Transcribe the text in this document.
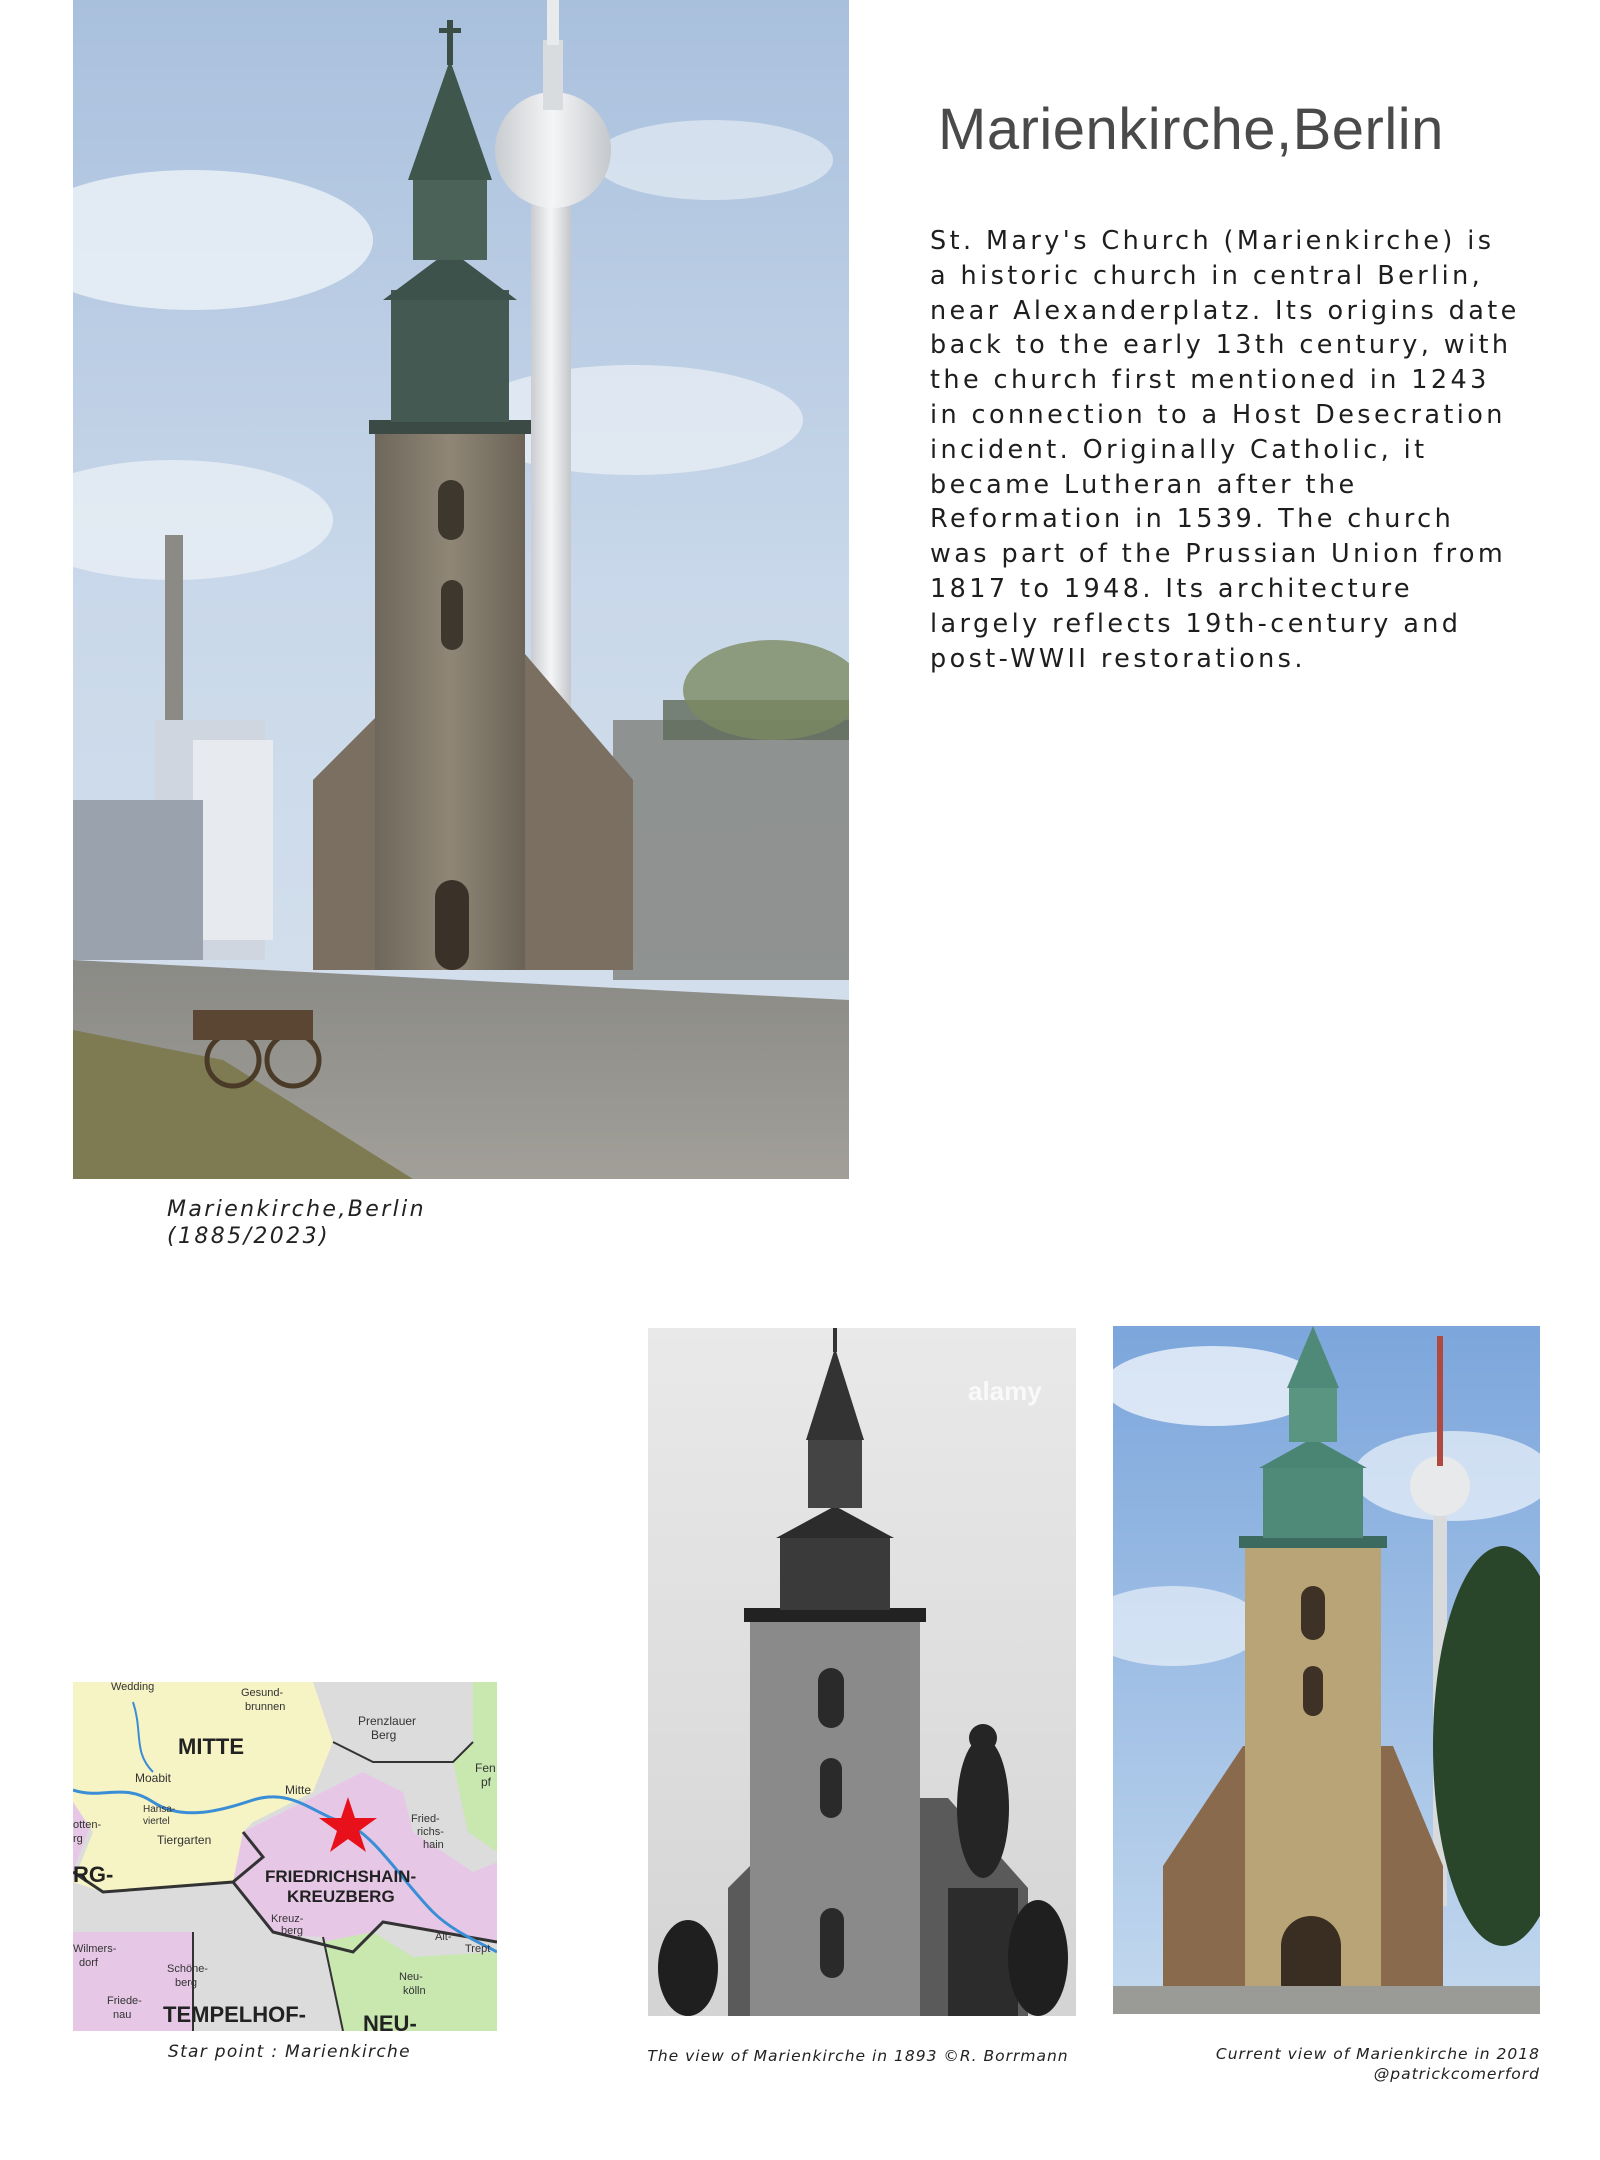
Marienkirche,Berlin
(1885/2023)
Marienkirche,Berlin
St. Mary's Church (Marienkirche) is a historic church in central Berlin, near Alexanderplatz. Its origins date back to the early 13th century, with the church first mentioned in 1243 in connection to a Host Desecration incident. Originally Catholic, it became Lutheran after the Reformation in 1539. The church was part of the Prussian Union from 1817 to 1948. Its architecture largely reflects 19th-century and post-WWII restorations.
Wedding	Gesund-
brunnen
Prenzlauer
Berg
MITTE
Moabit
Mitte
Fen
pf
Hansa-
viertel
Tiergarten
otten-
rg
RG-
Fried-
richs-
hain
FRIEDRICHSHAIN-
KREUZBERG
Kreuz-
berg	Alt-
Trept
Wilmers-
dorf	Schöne-
berg	Neu-
kölln
Friede-
nau TEMPELHOF-	NEU-
Star point : Marienkirche
alamy
The view of Marienkirche in 1893 ©R. Borrmann	Current view of Marienkirche in 2018
@patrickcomerford
